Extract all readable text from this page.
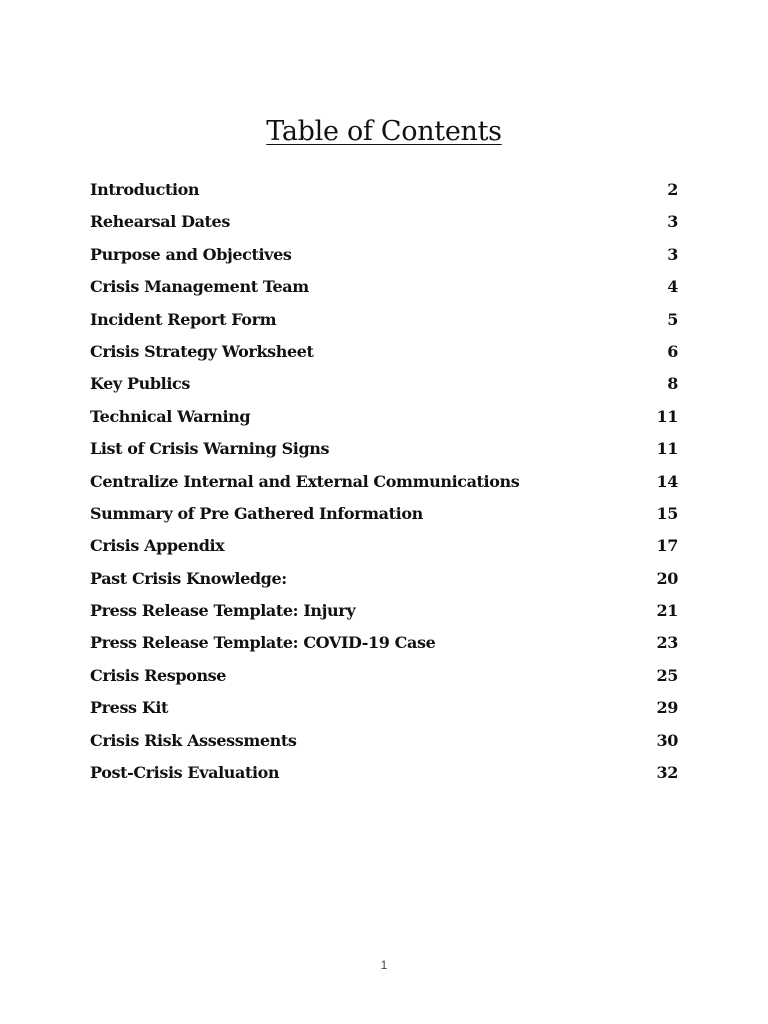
Table of Contents
Introduction	2
Rehearsal Dates	3
Purpose and Objectives	3
Crisis Management Team	4
Incident Report Form	5
Crisis Strategy Worksheet	6
Key Publics	8
Technical Warning	11
List of Crisis Warning Signs	11
Centralize Internal and External Communications	14
Summary of Pre Gathered Information	15
Crisis Appendix	17
Past Crisis Knowledge:	20
Press Release Template: Injury	21
Press Release Template: COVID-19 Case	23
Crisis Response	25
Press Kit	29
Crisis Risk Assessments	30
Post-Crisis Evaluation	32
1
